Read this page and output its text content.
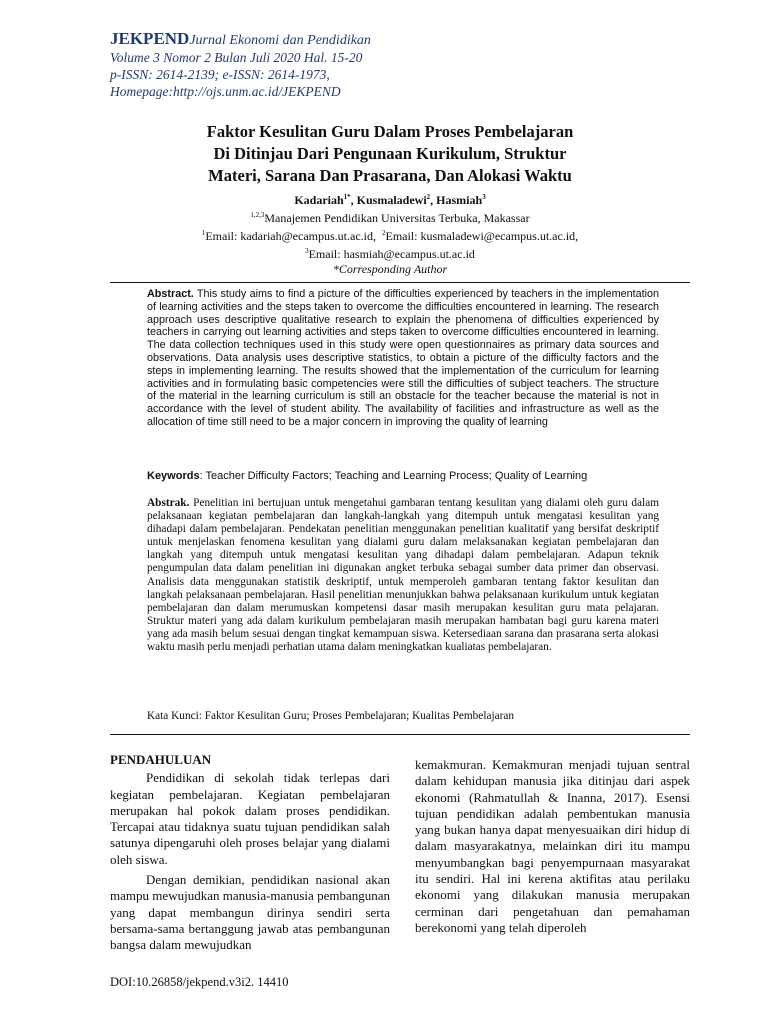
JEKPENDJurnal Ekonomi dan Pendidikan
Volume 3 Nomor 2 Bulan Juli 2020 Hal. 15-20
p-ISSN: 2614-2139; e-ISSN: 2614-1973,
Homepage:http://ojs.unm.ac.id/JEKPEND
Faktor Kesulitan Guru Dalam Proses Pembelajaran
Di Ditinjau Dari Pengunaan Kurikulum, Struktur
Materi, Sarana Dan Prasarana, Dan Alokasi Waktu
Kadariah$^{1*}$, Kusmaladewi$^2$, Hasmiah$^3$
$^{1,2,3}$Manajemen Pendidikan Universitas Terbuka, Makassar
$^1$Email: kadariah@ecampus.ut.ac.id, $^2$Email: kusmaladewi@ecampus.ut.ac.id,
$^3$Email: hasmiah@ecampus.ut.ac.id
*Corresponding Author
Abstract. This study aims to find a picture of the difficulties experienced by teachers in the implementation of learning activities and the steps taken to overcome the difficulties encountered in learning. The research approach uses descriptive qualitative research to explain the phenomena of difficulties experienced by teachers in carrying out learning activities and steps taken to overcome difficulties encountered in learning. The data collection techniques used in this study were open questionnaires as primary data sources and observations. Data analysis uses descriptive statistics, to obtain a picture of the difficulty factors and the steps in implementing learning. The results showed that the implementation of the curriculum for learning activities and in formulating basic competencies were still the difficulties of subject teachers. The structure of the material in the learning curriculum is still an obstacle for the teacher because the material is not in accordance with the level of student ability. The availability of facilities and infrastructure as well as the allocation of time still need to be a major concern in improving the quality of learning
Keywords: Teacher Difficulty Factors; Teaching and Learning Process; Quality of Learning
Abstrak. Penelitian ini bertujuan untuk mengetahui gambaran tentang kesulitan yang dialami oleh guru dalam pelaksanaan kegiatan pembelajaran dan langkah-langkah yang ditempuh untuk mengatasi kesulitan yang dihadapi dalam pembelajaran. Pendekatan penelitian menggunakan penelitian kualitatif yang bersifat deskriptif untuk menjelaskan fenomena kesulitan yang dialami guru dalam melaksanakan kegiatan pembelajaran dan langkah yang ditempuh untuk mengatasi kesulitan yang dihadapi dalam pembelajaran. Adapun teknik pengumpulan data dalam penelitian ini digunakan angket terbuka sebagai sumber data primer dan observasi. Analisis data menggunakan statistik deskriptif, untuk memperoleh gambaran tentang faktor kesulitan dan langkah pelaksanaan pembelajaran. Hasil penelitian menunjukkan bahwa pelaksanaan kurikulum untuk kegiatan pembelajaran dan dalam merumuskan kompetensi dasar masih merupakan kesulitan guru mata pelajaran. Struktur materi yang ada dalam kurikulum pembelajaran masih merupakan hambatan bagi guru karena materi yang ada masih belum sesuai dengan tingkat kemampuan siswa. Ketersediaan sarana dan prasarana serta alokasi waktu masih perlu menjadi perhatian utama dalam meningkatkan kualiatas pembelajaran.
Kata Kunci: Faktor Kesulitan Guru; Proses Pembelajaran; Kualitas Pembelajaran
PENDAHULUAN

Pendidikan di sekolah tidak terlepas dari kegiatan pembelajaran. Kegiatan pembelajaran merupakan hal pokok dalam proses pendidikan. Tercapai atau tidaknya suatu tujuan pendidikan salah satunya dipengaruhi oleh proses belajar yang dialami oleh siswa.

Dengan demikian, pendidikan nasional akan mampu mewujudkan manusia-manusia pembangunan yang dapat membangun dirinya sendiri serta bersama-sama bertanggung jawab atas pembangunan bangsa dalam mewujudkan

kemakmuran. Kemakmuran menjadi tujuan sentral dalam kehidupan manusia jika ditinjau dari aspek ekonomi (Rahmatullah & Inanna, 2017). Esensi tujuan pendidikan adalah pembentukan manusia yang bukan hanya dapat menyesuaikan diri hidup di dalam masyarakatnya, melainkan diri itu mampu menyumbangkan bagi penyempurnaan masyarakat itu sendiri. Hal ini kerena aktifitas atau perilaku ekonomi yang dilakukan manusia merupakan cerminan dari pengetahuan dan pemahaman berekonomi yang telah diperoleh

DOI:10.26858/jekpend.v3i2. 14410
